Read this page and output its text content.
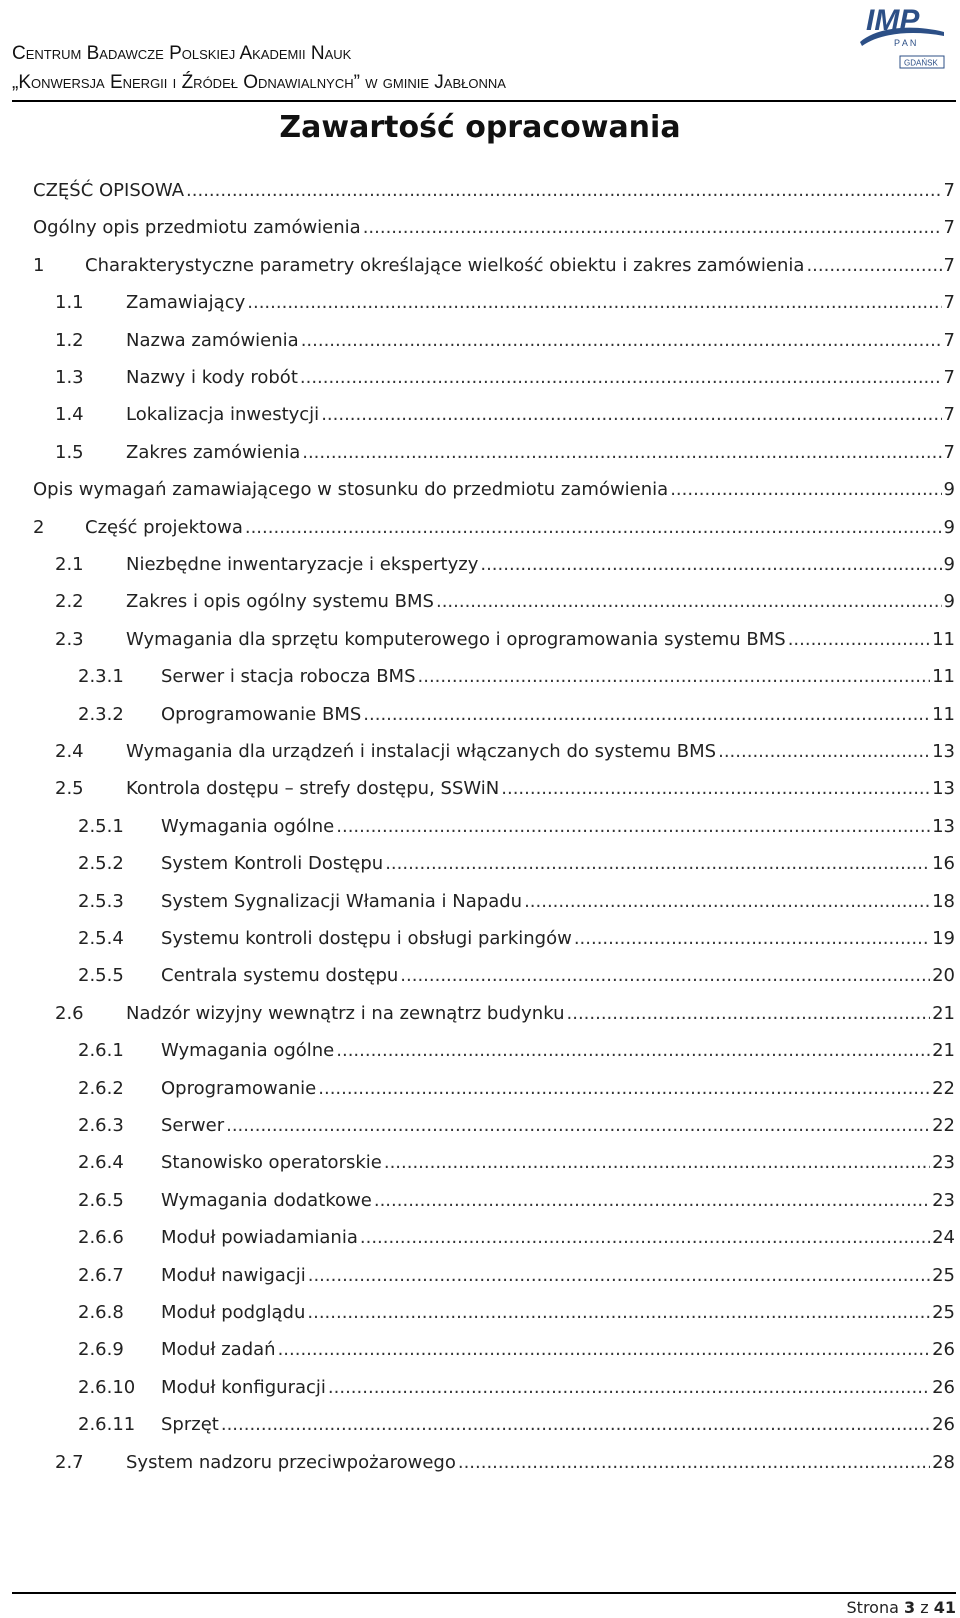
Centrum Badawcze Polskiej Akademii Nauk
„Konwersja Energii i Źródeł Odnawialnych” w gminie Jabłonna
IMP
P A N
GDAŃSK
Zawartość opracowania
CZĘŚĆ OPISOWA .....	7
Ogólny opis przedmiotu zamówienia .....	7
1 Charakterystyczne parametry określające wielkość obiektu i zakres zamówienia .....	7
1.1 Zamawiający .....	7
1.2 Nazwa zamówienia .....	7
1.3 Nazwy i kody robót .....	7
1.4 Lokalizacja inwestycji .....	7
1.5 Zakres zamówienia .....	7
Opis wymagań zamawiającego w stosunku do przedmiotu zamówienia .....	9
2 Część projektowa .....	9
2.1 Niezbędne inwentaryzacje i ekspertyzy .....	9
2.2 Zakres i opis ogólny systemu BMS .....	9
2.3 Wymagania dla sprzętu komputerowego i oprogramowania systemu BMS .....	11
2.3.1 Serwer i stacja robocza BMS .....	11
2.3.2 Oprogramowanie BMS .....	11
2.4 Wymagania dla urządzeń i instalacji włączanych do systemu BMS .....	13
2.5 Kontrola dostępu – strefy dostępu, SSWiN .....	13
2.5.1 Wymagania ogólne .....	13
2.5.2 System Kontroli Dostępu .....	16
2.5.3 System Sygnalizacji Włamania i Napadu .....	18
2.5.4 Systemu kontroli dostępu i obsługi parkingów .....	19
2.5.5 Centrala systemu dostępu .....	20
2.6 Nadzór wizyjny wewnątrz i na zewnątrz budynku .....	21
2.6.1 Wymagania ogólne .....	21
2.6.2 Oprogramowanie .....	22
2.6.3 Serwer .....	22
2.6.4 Stanowisko operatorskie .....	23
2.6.5 Wymagania dodatkowe .....	23
2.6.6 Moduł powiadamiania .....	24
2.6.7 Moduł nawigacji .....	25
2.6.8 Moduł podglądu .....	25
2.6.9 Moduł zadań .....	26
2.6.10 Moduł konfiguracji .....	26
2.6.11 Sprzęt .....	26
2.7 System nadzoru przeciwpożarowego .....	28
Strona 3 z 41
